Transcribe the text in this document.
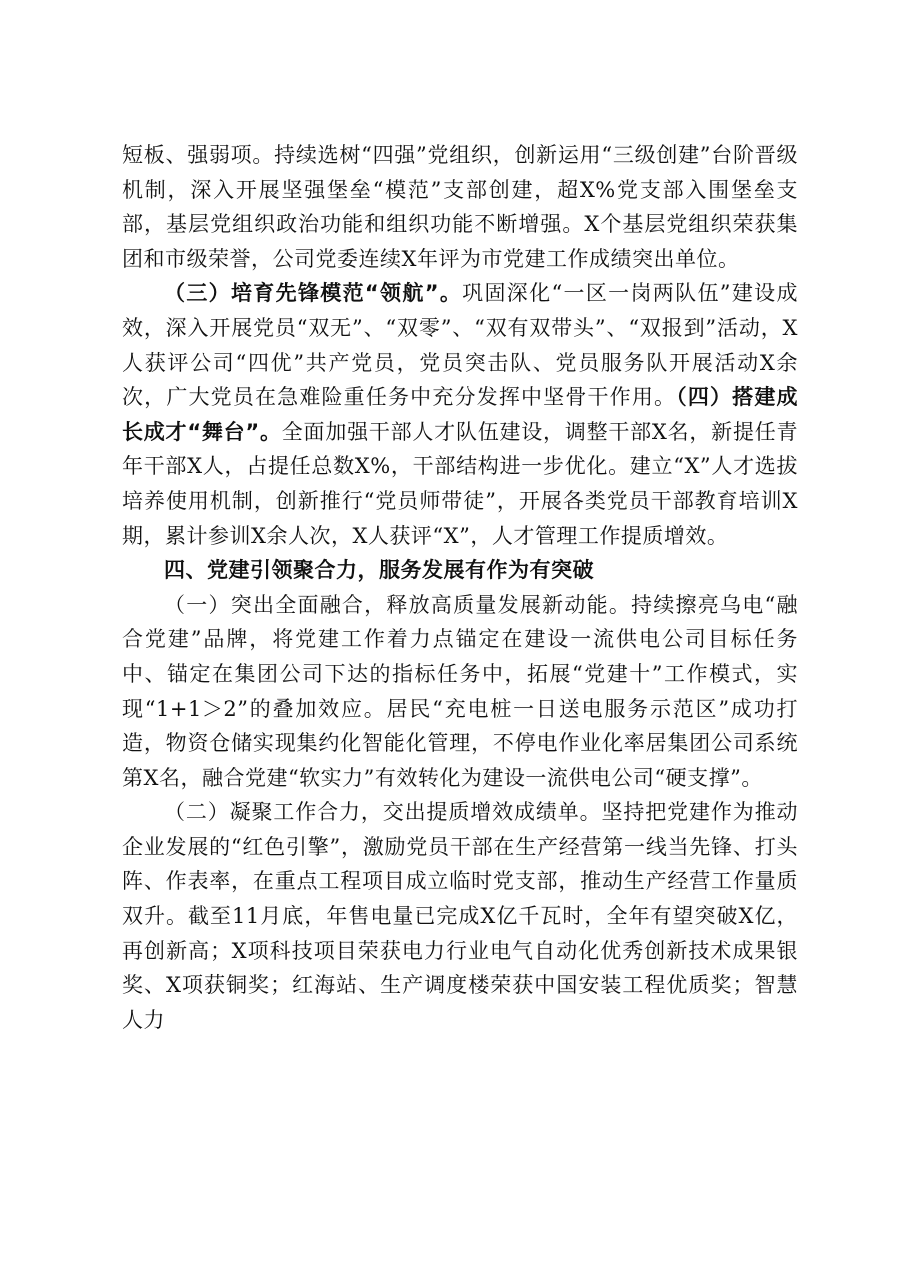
短板、强弱项。持续选树“四强”党组织，创新运用“三级创建”台阶晋级机制，深入开展坚强堡垒“模范”支部创建，超X%党支部入围堡垒支部，基层党组织政治功能和组织功能不断增强。X个基层党组织荣获集团和市级荣誉，公司党委连续X年评为市党建工作成绩突出单位。

（三）培育先锋模范“领航”。巩固深化“一区一岗两队伍”建设成效，深入开展党员“双无”、“双零”、“双有双带头”、“双报到”活动，X人获评公司“四优”共产党员，党员突击队、党员服务队开展活动X余次，广大党员在急难险重任务中充分发挥中坚骨干作用。（四）搭建成长成才“舞台”。全面加强干部人才队伍建设，调整干部X名，新提任青年干部X人，占提任总数X%，干部结构进一步优化。建立“X”人才选拔培养使用机制，创新推行“党员师带徒”，开展各类党员干部教育培训X期，累计参训X余人次，X人获评“X”，人才管理工作提质增效。

四、党建引领聚合力，服务发展有作为有突破

（一）突出全面融合，释放高质量发展新动能。持续擦亮乌电“融合党建”品牌，将党建工作着力点锚定在建设一流供电公司目标任务中、锚定在集团公司下达的指标任务中，拓展“党建十”工作模式，实现“1+1＞2”的叠加效应。居民“充电桩一日送电服务示范区”成功打造，物资仓储实现集约化智能化管理，不停电作业化率居集团公司系统第X名，融合党建“软实力”有效转化为建设一流供电公司“硬支撑”。

（二）凝聚工作合力，交出提质增效成绩单。坚持把党建作为推动企业发展的“红色引擎”，激励党员干部在生产经营第一线当先锋、打头阵、作表率，在重点工程项目成立临时党支部，推动生产经营工作量质双升。截至11月底，年售电量已完成X亿千瓦时，全年有望突破X亿，再创新高；X项科技项目荣获电力行业电气自动化优秀创新技术成果银奖、X项获铜奖；红海站、生产调度楼荣获中国安装工程优质奖；智慧人力
